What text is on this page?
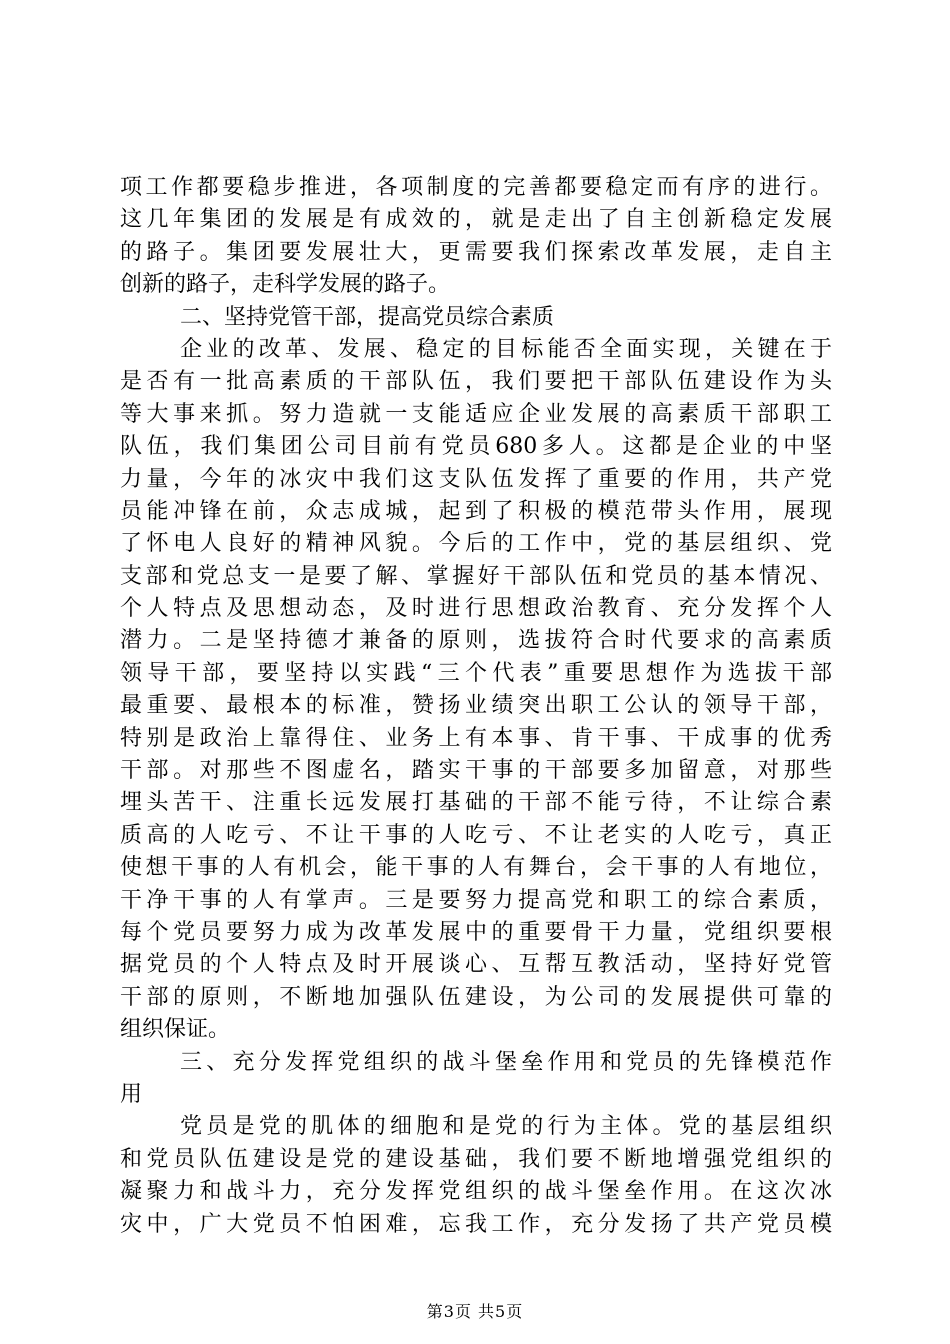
项工作都要稳步推进，各项制度的完善都要稳定而有序的进行。
这几年集团的发展是有成效的，就是走出了自主创新稳定发展
的路子。集团要发展壮大，更需要我们探索改革发展，走自主
创新的路子，走科学发展的路子。
二、坚持党管干部，提高党员综合素质
企业的改革、发展、稳定的目标能否全面实现，关键在于
是否有一批高素质的干部队伍，我们要把干部队伍建设作为头
等大事来抓。努力造就一支能适应企业发展的高素质干部职工
队伍，我们集团公司目前有党员680多人。这都是企业的中坚
力量，今年的冰灾中我们这支队伍发挥了重要的作用，共产党
员能冲锋在前，众志成城，起到了积极的模范带头作用，展现
了怀电人良好的精神风貌。今后的工作中，党的基层组织、党
支部和党总支一是要了解、掌握好干部队伍和党员的基本情况、
个人特点及思想动态，及时进行思想政治教育、充分发挥个人
潜力。二是坚持德才兼备的原则，选拔符合时代要求的高素质
领导干部，要坚持以实践“三个代表”重要思想作为选拔干部
最重要、最根本的标准，赞扬业绩突出职工公认的领导干部，
特别是政治上靠得住、业务上有本事、肯干事、干成事的优秀
干部。对那些不图虚名，踏实干事的干部要多加留意，对那些
埋头苦干、注重长远发展打基础的干部不能亏待，不让综合素
质高的人吃亏、不让干事的人吃亏、不让老实的人吃亏，真正
使想干事的人有机会，能干事的人有舞台，会干事的人有地位，
干净干事的人有掌声。三是要努力提高党和职工的综合素质，
每个党员要努力成为改革发展中的重要骨干力量，党组织要根
据党员的个人特点及时开展谈心、互帮互教活动，坚持好党管
干部的原则，不断地加强队伍建设，为公司的发展提供可靠的
组织保证。
三、充分发挥党组织的战斗堡垒作用和党员的先锋模范作
用
党员是党的肌体的细胞和是党的行为主体。党的基层组织
和党员队伍建设是党的建设基础，我们要不断地增强党组织的
凝聚力和战斗力，充分发挥党组织的战斗堡垒作用。在这次冰
灾中，广大党员不怕困难，忘我工作，充分发扬了共产党员模
第3页 共5页
